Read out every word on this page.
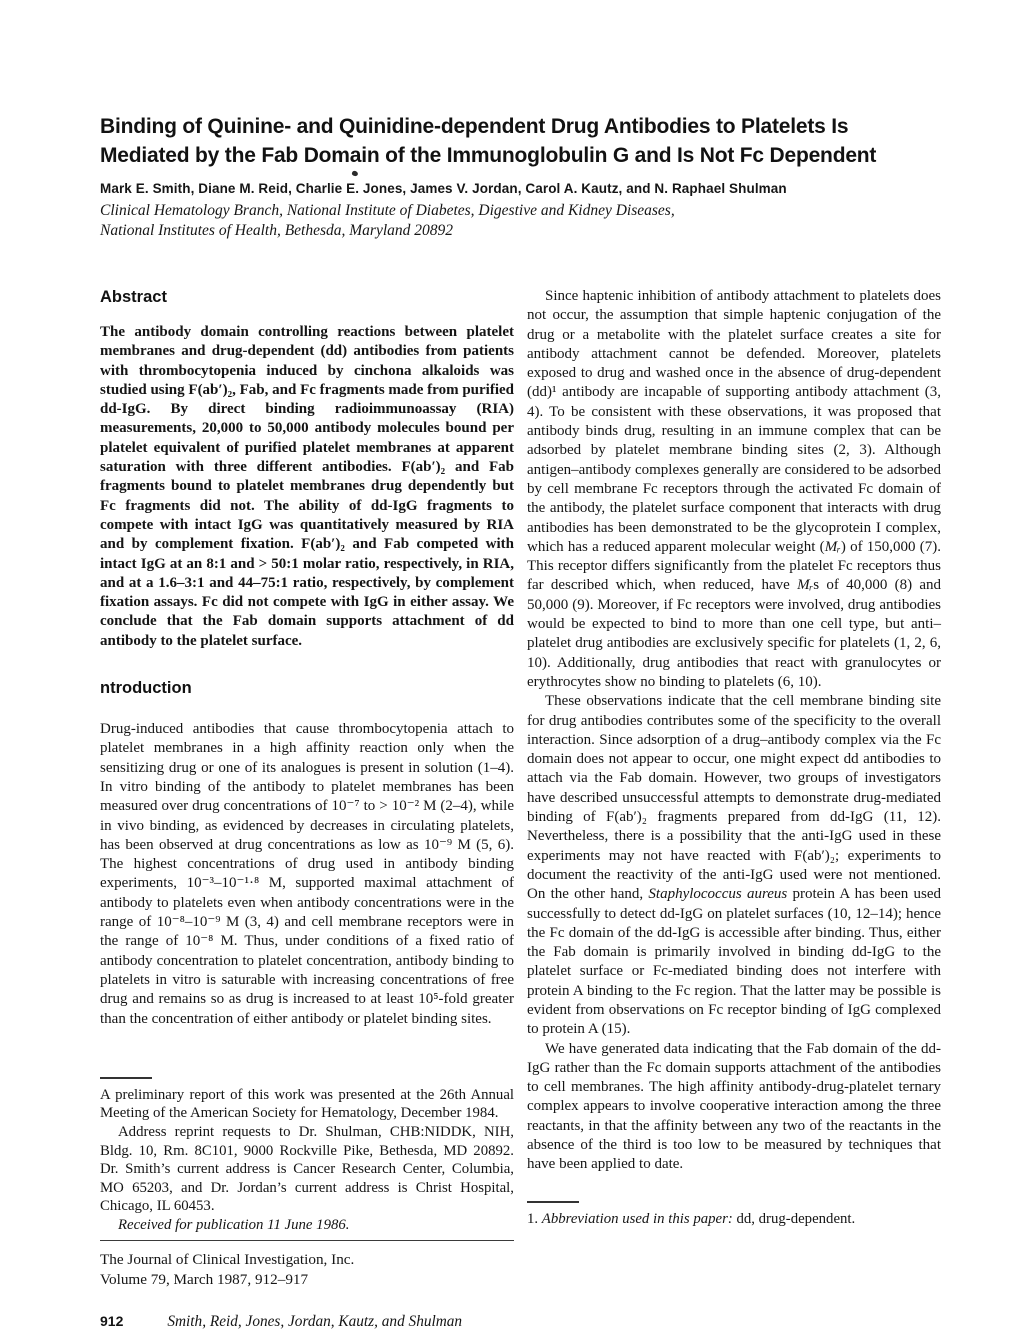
Binding of Quinine- and Quinidine-dependent Drug Antibodies to Platelets Is
Mediated by the Fab Domain of the Immunoglobulin G and Is Not Fc Dependent
Mark E. Smith, Diane M. Reid, Charlie E. Jones, James V. Jordan, Carol A. Kautz, and N. Raphael Shulman
Clinical Hematology Branch, National Institute of Diabetes, Digestive and Kidney Diseases,
National Institutes of Health, Bethesda, Maryland 20892
Abstract

The antibody domain controlling reactions between platelet membranes and drug-dependent (dd) antibodies from patients with thrombocytopenia induced by cinchona alkaloids was studied using F(ab′)₂, Fab, and Fc fragments made from purified dd-IgG. By direct binding radioimmunoassay (RIA) measurements, 20,000 to 50,000 antibody molecules bound per platelet equivalent of purified platelet membranes at apparent saturation with three different antibodies. F(ab′)₂ and Fab fragments bound to platelet membranes drug dependently but Fc fragments did not. The ability of dd-IgG fragments to compete with intact IgG was quantitatively measured by RIA and by complement fixation. F(ab′)₂ and Fab competed with intact IgG at an 8:1 and > 50:1 molar ratio, respectively, in RIA, and at a 1.6–3:1 and 44–75:1 ratio, respectively, by complement fixation assays. Fc did not compete with IgG in either assay. We conclude that the Fab domain supports attachment of dd antibody to the platelet surface.

ntroduction

Drug-induced antibodies that cause thrombocytopenia attach to platelet membranes in a high affinity reaction only when the sensitizing drug or one of its analogues is present in solution (1–4). In vitro binding of the antibody to platelet membranes has been measured over drug concentrations of 10⁻⁷ to > 10⁻² M (2–4), while in vivo binding, as evidenced by decreases in circulating platelets, has been observed at drug concentrations as low as 10⁻⁹ M (5, 6). The highest concentrations of drug used in antibody binding experiments, 10⁻³–10⁻¹·⁸ M, supported maximal attachment of antibody to platelets even when antibody concentrations were in the range of 10⁻⁸–10⁻⁹ M (3, 4) and cell membrane receptors were in the range of 10⁻⁸ M. Thus, under conditions of a fixed ratio of antibody concentration to platelet concentration, antibody binding to platelets in vitro is saturable with increasing concentrations of free drug and remains so as drug is increased to at least 10⁵-fold greater than the concentration of either antibody or platelet binding sites.

A preliminary report of this work was presented at the 26th Annual Meeting of the American Society for Hematology, December 1984.

Address reprint requests to Dr. Shulman, CHB:NIDDK, NIH, Bldg. 10, Rm. 8C101, 9000 Rockville Pike, Bethesda, MD 20892. Dr. Smith’s current address is Cancer Research Center, Columbia, MO 65203, and Dr. Jordan’s current address is Christ Hospital, Chicago, IL 60453.

Received for publication 11 June 1986.

The Journal of Clinical Investigation, Inc.
Volume 79, March 1987, 912–917

912	Smith, Reid, Jones, Jordan, Kautz, and Shulman

Since haptenic inhibition of antibody attachment to platelets does not occur, the assumption that simple haptenic conjugation of the drug or a metabolite with the platelet surface creates a site for antibody attachment cannot be defended. Moreover, platelets exposed to drug and washed once in the absence of drug-dependent (dd)¹ antibody are incapable of supporting antibody attachment (3, 4). To be consistent with these observations, it was proposed that antibody binds drug, resulting in an immune complex that can be adsorbed by platelet membrane binding sites (2, 3). Although antigen–antibody complexes generally are considered to be adsorbed by cell membrane Fc receptors through the activated Fc domain of the antibody, the platelet surface component that interacts with drug antibodies has been demonstrated to be the glycoprotein I complex, which has a reduced apparent molecular weight (Mᵣ) of 150,000 (7). This receptor differs significantly from the platelet Fc receptors thus far described which, when reduced, have Mᵣs of 40,000 (8) and 50,000 (9). Moreover, if Fc receptors were involved, drug antibodies would be expected to bind to more than one cell type, but anti–platelet drug antibodies are exclusively specific for platelets (1, 2, 6, 10). Additionally, drug antibodies that react with granulocytes or erythrocytes show no binding to platelets (6, 10).

These observations indicate that the cell membrane binding site for drug antibodies contributes some of the specificity to the overall interaction. Since adsorption of a drug–antibody complex via the Fc domain does not appear to occur, one might expect dd antibodies to attach via the Fab domain. However, two groups of investigators have described unsuccessful attempts to demonstrate drug-mediated binding of F(ab′)₂ fragments prepared from dd-IgG (11, 12). Nevertheless, there is a possibility that the anti-IgG used in these experiments may not have reacted with F(ab′)₂; experiments to document the reactivity of the anti-IgG used were not mentioned. On the other hand, Staphylococcus aureus protein A has been used successfully to detect dd-IgG on platelet surfaces (10, 12–14); hence the Fc domain of the dd-IgG is accessible after binding. Thus, either the Fab domain is primarily involved in binding dd-IgG to the platelet surface or Fc-mediated binding does not interfere with protein A binding to the Fc region. That the latter may be possible is evident from observations on Fc receptor binding of IgG complexed to protein A (15).

We have generated data indicating that the Fab domain of the dd-IgG rather than the Fc domain supports attachment of the antibodies to cell membranes. The high affinity antibody-drug-platelet ternary complex appears to involve cooperative interaction among the three reactants, in that the affinity between any two of the reactants in the absence of the third is too low to be measured by techniques that have been applied to date.

1. Abbreviation used in this paper: dd, drug-dependent.
